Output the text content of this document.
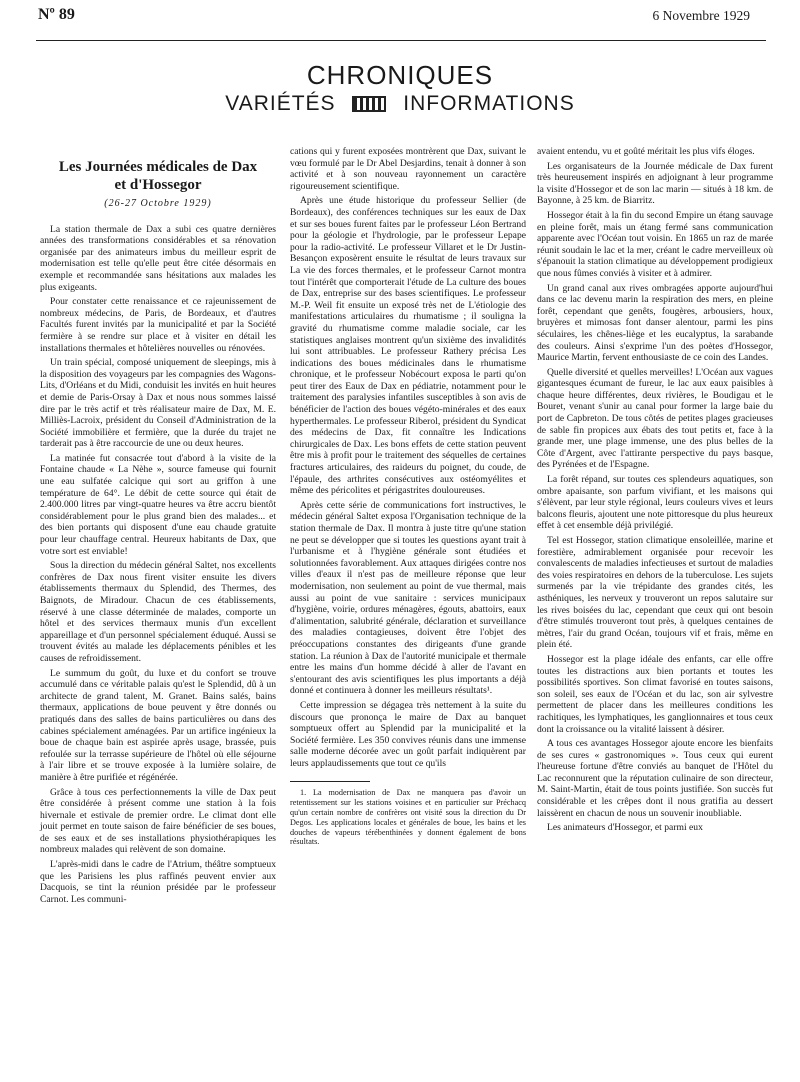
Nº 89	6 Novembre 1929
CHRONIQUES
VARIÉTÉS	INFORMATIONS
Les Journées médicales de Dax
et d'Hossegor
(26-27 Octobre 1929)

La station thermale de Dax a subi ces quatre dernières années des transformations considérables et sa rénovation organisée par des animateurs imbus du meilleur esprit de modernisation est telle qu'elle peut être citée désormais en exemple et recommandée sans hésitations aux malades les plus exigeants.

Pour constater cette renaissance et ce rajeunissement de nombreux médecins, de Paris, de Bordeaux, et d'autres Facultés furent invités par la municipalité et par la Société fermière à se rendre sur place et à visiter en détail les installations thermales et hôtelières nouvelles ou rénovées.

Un train spécial, composé uniquement de sleepings, mis à la disposition des voyageurs par les compagnies des Wagons-Lits, d'Orléans et du Midi, conduisit les invités en huit heures et demie de Paris-Orsay à Dax et nous nous sommes laissé dire par le très actif et très réalisateur maire de Dax, M. E. Milliès-Lacroix, président du Conseil d'Administration de la Société immobilière et fermière, que la durée du trajet ne tarderait pas à être raccourcie de une ou deux heures.

La matinée fut consacrée tout d'abord à la visite de la Fontaine chaude « La Nèhe », source fameuse qui fournit une eau sulfatée calcique qui sort au griffon à une température de 64°. Le débit de cette source qui était de 2.400.000 litres par vingt-quatre heures va être accru bientôt considérablement pour le plus grand bien des malades... et des bien portants qui disposent d'une eau chaude gratuite pour leur chauffage central. Heureux habitants de Dax, que votre sort est enviable!

Sous la direction du médecin général Saltet, nos excellents confrères de Dax nous firent visiter ensuite les divers établissements thermaux du Splendid, des Thermes, des Baignots, de Miradour. Chacun de ces établissements, réservé à une classe déterminée de malades, comporte un hôtel et des services thermaux munis d'un excellent appareillage et d'un personnel spécialement éduqué. Aussi se trouvent évités au malade les déplacements pénibles et les causes de refroidissement.

Le summum du goût, du luxe et du confort se trouve accumulé dans ce véritable palais qu'est le Splendid, dû à un architecte de grand talent, M. Granet. Bains salés, bains thermaux, applications de boue peuvent y être donnés ou pratiqués dans des salles de bains particulières ou dans des cabines spécialement aménagées. Par un artifice ingénieux la boue de chaque bain est aspirée après usage, brassée, puis refoulée sur la terrasse supérieure de l'hôtel où elle séjourne à l'air libre et se trouve exposée à la lumière solaire, de manière à être purifiée et régénérée.

Grâce à tous ces perfectionnements la ville de Dax peut être considérée à présent comme une station à la fois hivernale et estivale de premier ordre. Le climat dont elle jouit permet en toute saison de faire bénéficier de ses boues, de ses eaux et de ses installations physiothérapiques les nombreux malades qui relèvent de son domaine.

L'après-midi dans le cadre de l'Atrium, théâtre somptueux que les Parisiens les plus raffinés peuvent envier aux Dacquois, se tint la réunion présidée par le professeur Carnot. Les communi-

cations qui y furent exposées montrèrent que Dax, suivant le vœu formulé par le Dr Abel Desjardins, tenait à donner à son activité et à son nouveau rayonnement un caractère rigoureusement scientifique.

Après une étude historique du professeur Sellier (de Bordeaux), des conférences techniques sur les eaux de Dax et sur ses boues furent faites par le professeur Léon Bertrand pour la géologie et l'hydrologie, par le professeur Lepape pour la radio-activité. Le professeur Villaret et le Dr Justin-Besançon exposèrent ensuite le résultat de leurs travaux sur La vie des forces thermales, et le professeur Carnot montra tout l'intérêt que comporterait l'étude de La culture des boues de Dax, entreprise sur des bases scientifiques. Le professeur M.-P. Weil fit ensuite un exposé très net de L'étiologie des manifestations articulaires du rhumatisme ; il souligna la gravité du rhumatisme comme maladie sociale, car les statistiques anglaises montrent qu'un sixième des invalidités lui sont attribuables. Le professeur Rathery précisa Les indications des boues médicinales dans le rhumatisme chronique, et le professeur Nobécourt exposa le parti qu'on peut tirer des Eaux de Dax en pédiatrie, notamment pour le traitement des paralysies infantiles susceptibles à son avis de bénéficier de l'action des boues végéto-minérales et des eaux hyperthermales. Le professeur Riberol, président du Syndicat des médecins de Dax, fit connaître les Indications chirurgicales de Dax. Les bons effets de cette station peuvent être mis à profit pour le traitement des séquelles de certaines fractures articulaires, des raideurs du poignet, du coude, de l'épaule, des arthrites consécutives aux ostéomyélites et même des péricolites et périgastrites douloureuses.

Après cette série de communications fort instructives, le médecin général Saltet exposa l'Organisation technique de la station thermale de Dax. Il montra à juste titre qu'une station ne peut se développer que si toutes les questions ayant trait à l'urbanisme et à l'hygiène générale sont étudiées et solutionnées favorablement. Aux attaques dirigées contre nos villes d'eaux il n'est pas de meilleure réponse que leur modernisation, non seulement au point de vue thermal, mais aussi au point de vue sanitaire : services municipaux d'hygiène, voirie, ordures ménagères, égouts, abattoirs, eaux d'alimentation, salubrité générale, déclaration et surveillance des maladies contagieuses, doivent être l'objet des préoccupations constantes des dirigeants d'une grande station. La réunion à Dax de l'autorité municipale et thermale entre les mains d'un homme décidé à aller de l'avant en s'entourant des avis scientifiques les plus importants a déjà donné et continuera à donner les meilleurs résultats¹.

Cette impression se dégagea très nettement à la suite du discours que prononça le maire de Dax au banquet somptueux offert au Splendid par la municipalité et la Société fermière. Les 350 convives réunis dans une immense salle moderne décorée avec un goût parfait indiquèrent par leurs applaudissements que tout ce qu'ils

1. La modernisation de Dax ne manquera pas d'avoir un retentissement sur les stations voisines et en particulier sur Préchacq qu'un certain nombre de confrères ont visité sous la direction du Dr Degos. Les applications locales et générales de boue, les bains et les douches de vapeurs térébenthinées y donnent également de bons résultats.

avaient entendu, vu et goûté méritait les plus vifs éloges.

Les organisateurs de la Journée médicale de Dax furent très heureusement inspirés en adjoignant à leur programme la visite d'Hossegor et de son lac marin — situés à 18 km. de Bayonne, à 25 km. de Biarritz.

Hossegor était à la fin du second Empire un étang sauvage en pleine forêt, mais un étang fermé sans communication apparente avec l'Océan tout voisin. En 1865 un raz de marée réunit soudain le lac et la mer, créant le cadre merveilleux où s'épanouit la station climatique au développement prodigieux que nous fûmes conviés à visiter et à admirer.

Un grand canal aux rives ombragées apporte aujourd'hui dans ce lac devenu marin la respiration des mers, en pleine forêt, cependant que genêts, fougères, arbousiers, houx, bruyères et mimosas font danser alentour, parmi les pins séculaires, les chênes-liège et les eucalyptus, la sarabande des couleurs. Ainsi s'exprime l'un des poètes d'Hossegor, Maurice Martin, fervent enthousiaste de ce coin des Landes.

Quelle diversité et quelles merveilles! L'Océan aux vagues gigantesques écumant de fureur, le lac aux eaux paisibles à chaque heure différentes, deux rivières, le Boudigau et le Bouret, venant s'unir au canal pour former la large baie du port de Capbreton. De tous côtés de petites plages gracieuses de sable fin propices aux ébats des tout petits et, face à la grande mer, une plage immense, une des plus belles de la Côte d'Argent, avec l'attirante perspective du pays basque, des Pyrénées et de l'Espagne.

La forêt répand, sur toutes ces splendeurs aquatiques, son ombre apaisante, son parfum vivifiant, et les maisons qui s'élèvent, par leur style régional, leurs couleurs vives et leurs balcons fleuris, ajoutent une note pittoresque du plus heureux effet à cet ensemble déjà privilégié.

Tel est Hossegor, station climatique ensoleillée, marine et forestière, admirablement organisée pour recevoir les convalescents de maladies infectieuses et surtout de maladies des voies respiratoires en dehors de la tuberculose. Les sujets surmenés par la vie trépidante des grandes cités, les asthéniques, les nerveux y trouveront un repos salutaire sur les rives boisées du lac, cependant que ceux qui ont besoin d'être stimulés trouveront tout près, à quelques centaines de mètres, l'air du grand Océan, toujours vif et frais, même en plein été.

Hossegor est la plage idéale des enfants, car elle offre toutes les distractions aux bien portants et toutes les possibilités sportives. Son climat favorisé en toutes saisons, son soleil, ses eaux de l'Océan et du lac, son air sylvestre permettent de placer dans les meilleures conditions les rachitiques, les lymphatiques, les ganglionnaires et tous ceux dont la croissance ou la vitalité laissent à désirer.

A tous ces avantages Hossegor ajoute encore les bienfaits de ses cures « gastronomiques ». Tous ceux qui eurent l'heureuse fortune d'être conviés au banquet de l'Hôtel du Lac reconnurent que la réputation culinaire de son directeur, M. Saint-Martin, était de tous points justifiée. Son succès fut considérable et les crêpes dont il nous gratifia au dessert laissèrent en chacun de nous un souvenir inoubliable.

Les animateurs d'Hossegor, et parmi eux
